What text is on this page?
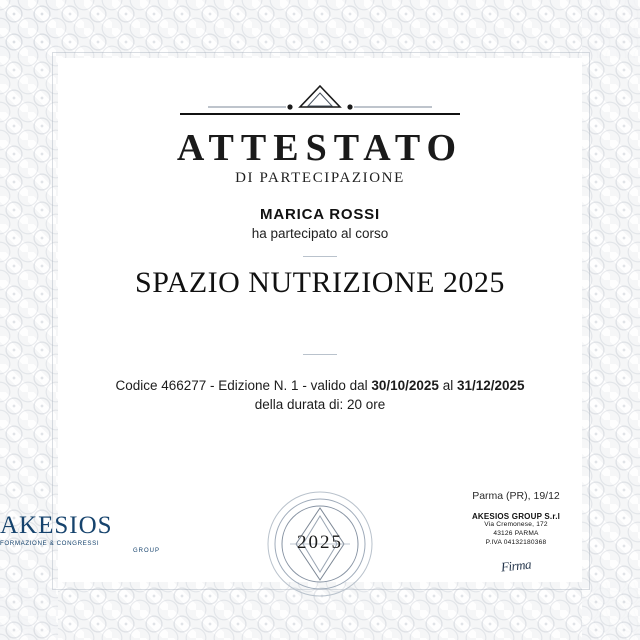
ATTESTATO
DI PARTECIPAZIONE
MARICA ROSSI
ha partecipato al corso
SPAZIO NUTRIZIONE 2025
Codice 466277 - Edizione N. 1 - valido dal 30/10/2025 al 31/12/2025
della durata di: 20 ore
2025
AKESIOS
FORMAZIONE & CONGRESSI
GROUP
Parma (PR), 19/12
AKESIOS GROUP S.r.l
Via Cremonese, 172
43126 PARMA
P.IVA 04132180368
Firma
